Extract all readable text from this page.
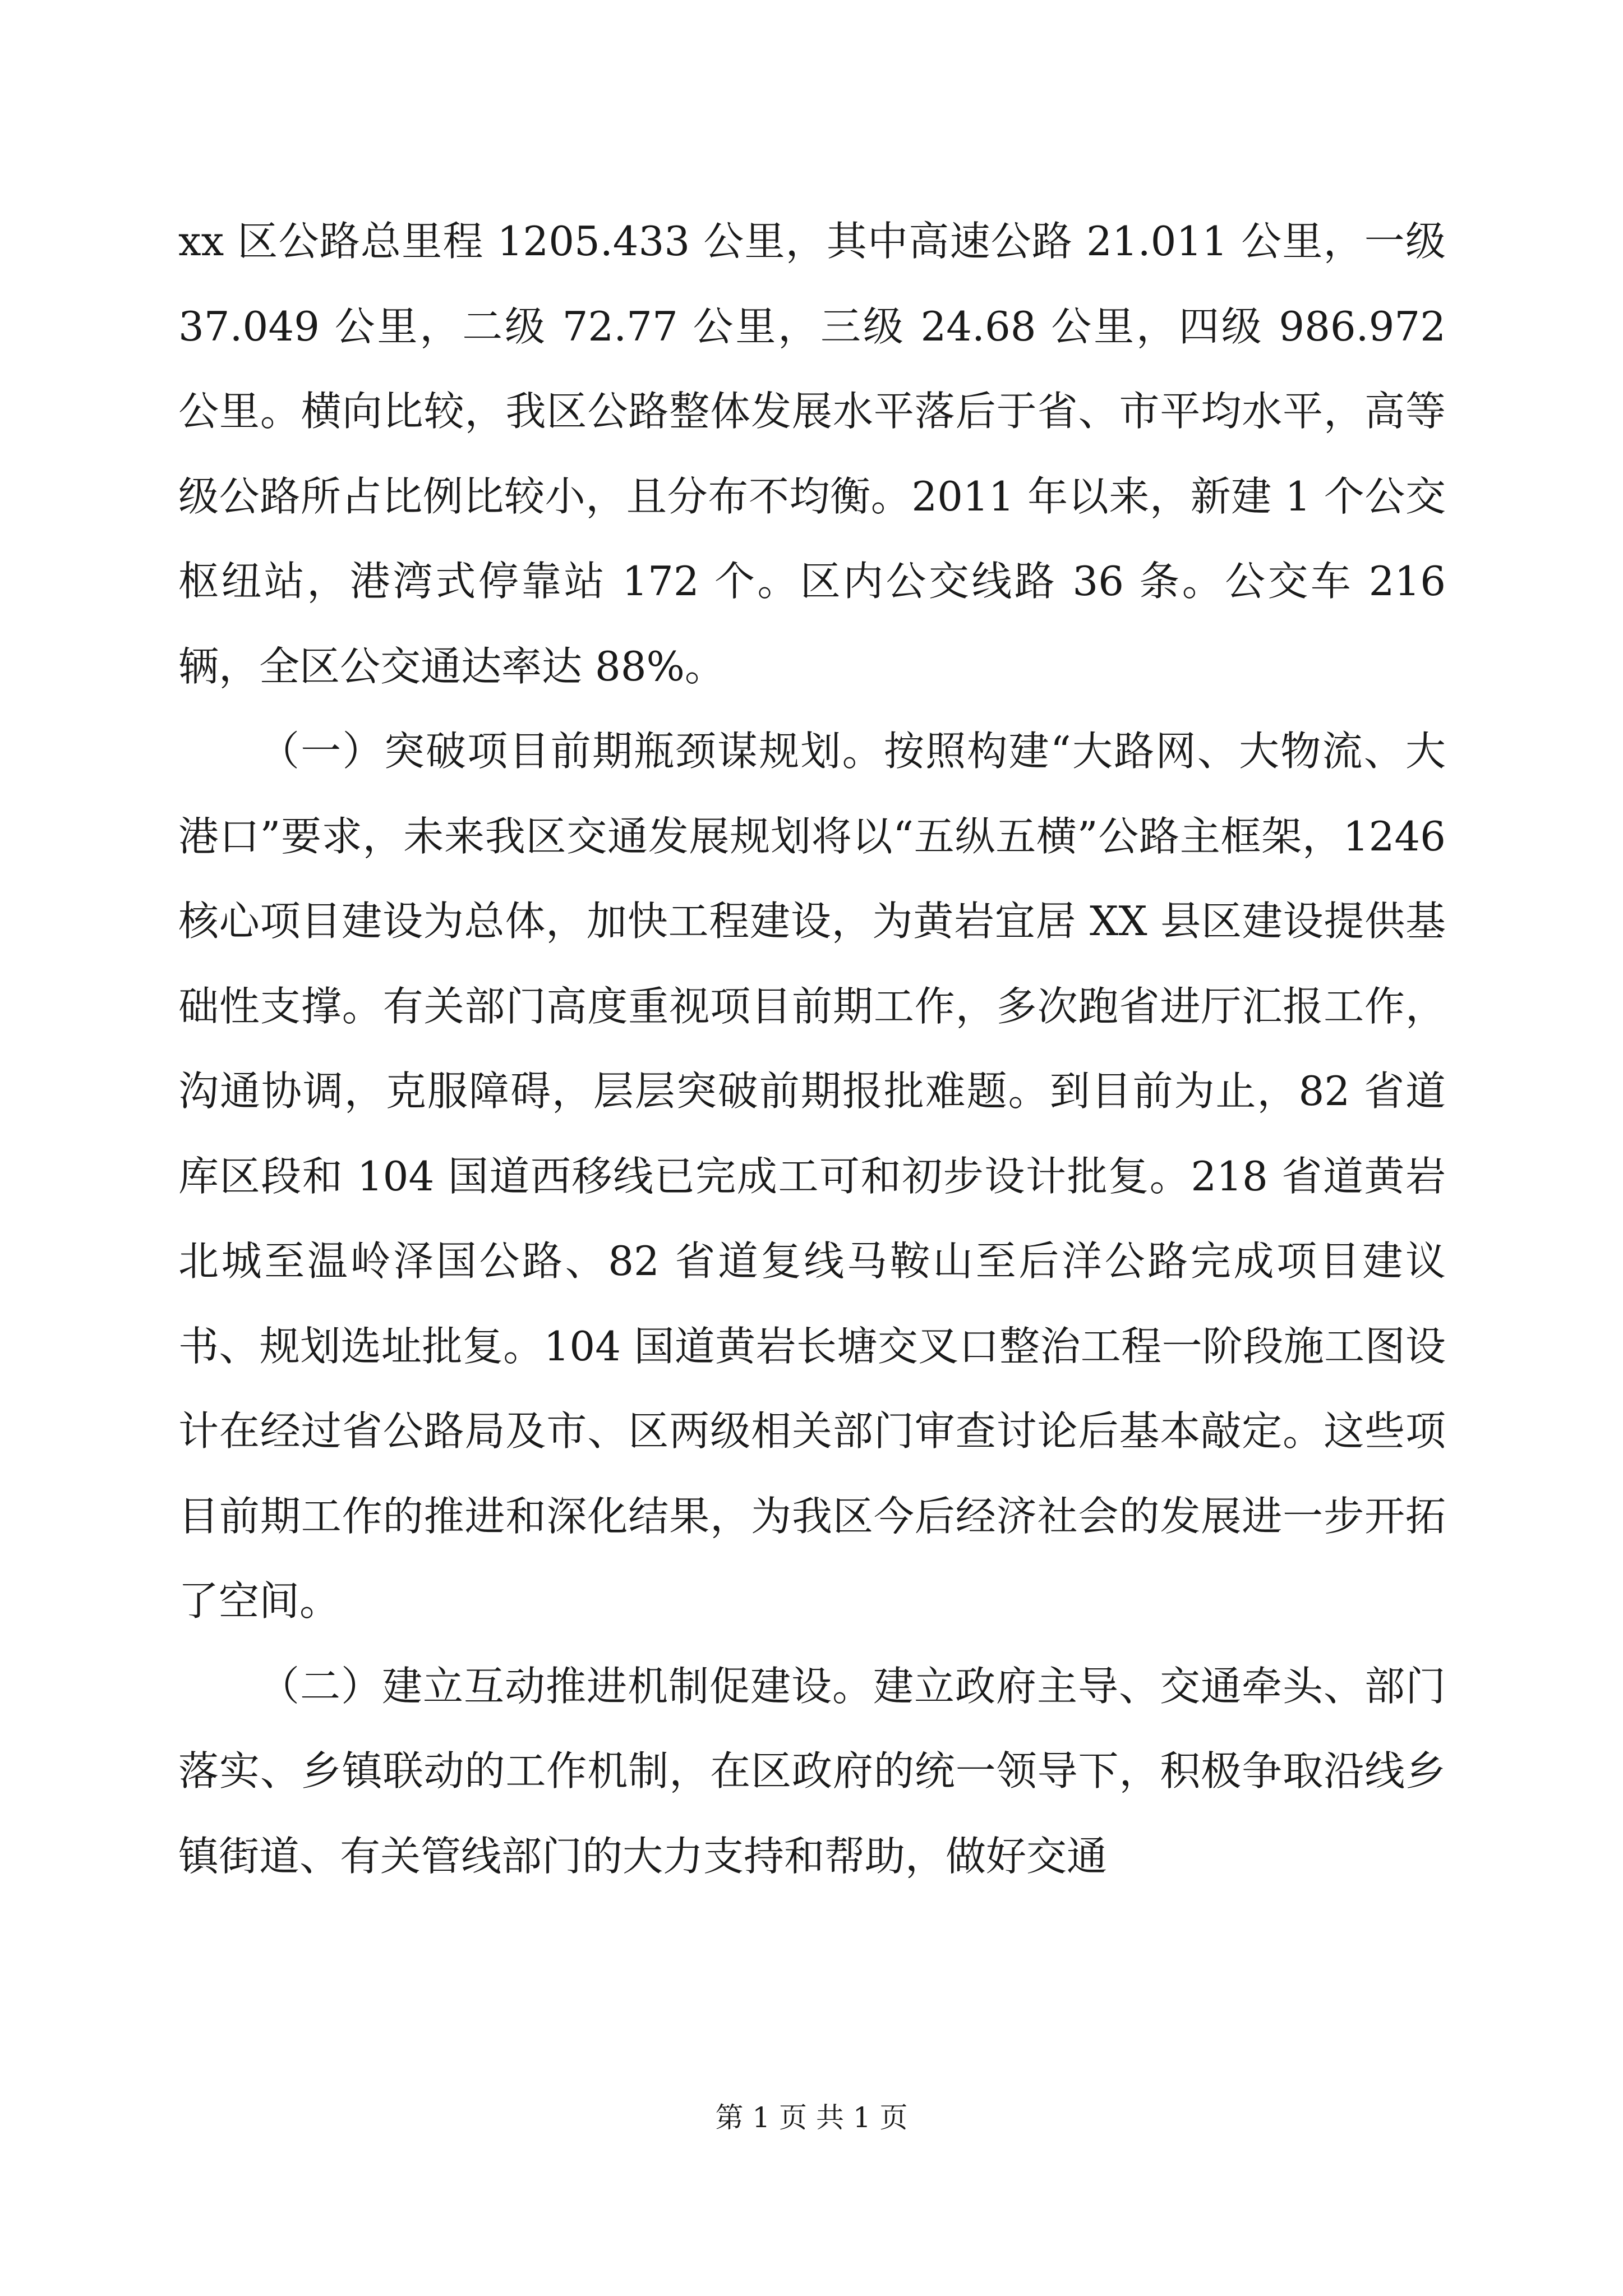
xx 区公路总里程 1205.433 公里，其中高速公路 21.011 公里，一级 37.049 公里，二级 72.77 公里，三级 24.68 公里，四级 986.972 公里。横向比较，我区公路整体发展水平落后于省、市平均水平，高等级公路所占比例比较小，且分布不均衡。2011 年以来，新建 1 个公交枢纽站，港湾式停靠站 172 个。区内公交线路 36 条。公交车 216 辆，全区公交通达率达 88%。

（一）突破项目前期瓶颈谋规划。按照构建“大路网、大物流、大港口”要求，未来我区交通发展规划将以“五纵五横”公路主框架，1246 核心项目建设为总体，加快工程建设，为黄岩宜居 XX 县区建设提供基础性支撑。有关部门高度重视项目前期工作，多次跑省进厅汇报工作，沟通协调，克服障碍，层层突破前期报批难题。到目前为止，82 省道库区段和 104 国道西移线已完成工可和初步设计批复。218 省道黄岩北城至温岭泽国公路、82 省道复线马鞍山至后洋公路完成项目建议书、规划选址批复。104 国道黄岩长塘交叉口整治工程一阶段施工图设计在经过省公路局及市、区两级相关部门审查讨论后基本敲定。这些项目前期工作的推进和深化结果，为我区今后经济社会的发展进一步开拓了空间。

（二）建立互动推进机制促建设。建立政府主导、交通牵头、部门落实、乡镇联动的工作机制，在区政府的统一领导下，积极争取沿线乡镇街道、有关管线部门的大力支持和帮助，做好交通

第 1 页 共 1 页
